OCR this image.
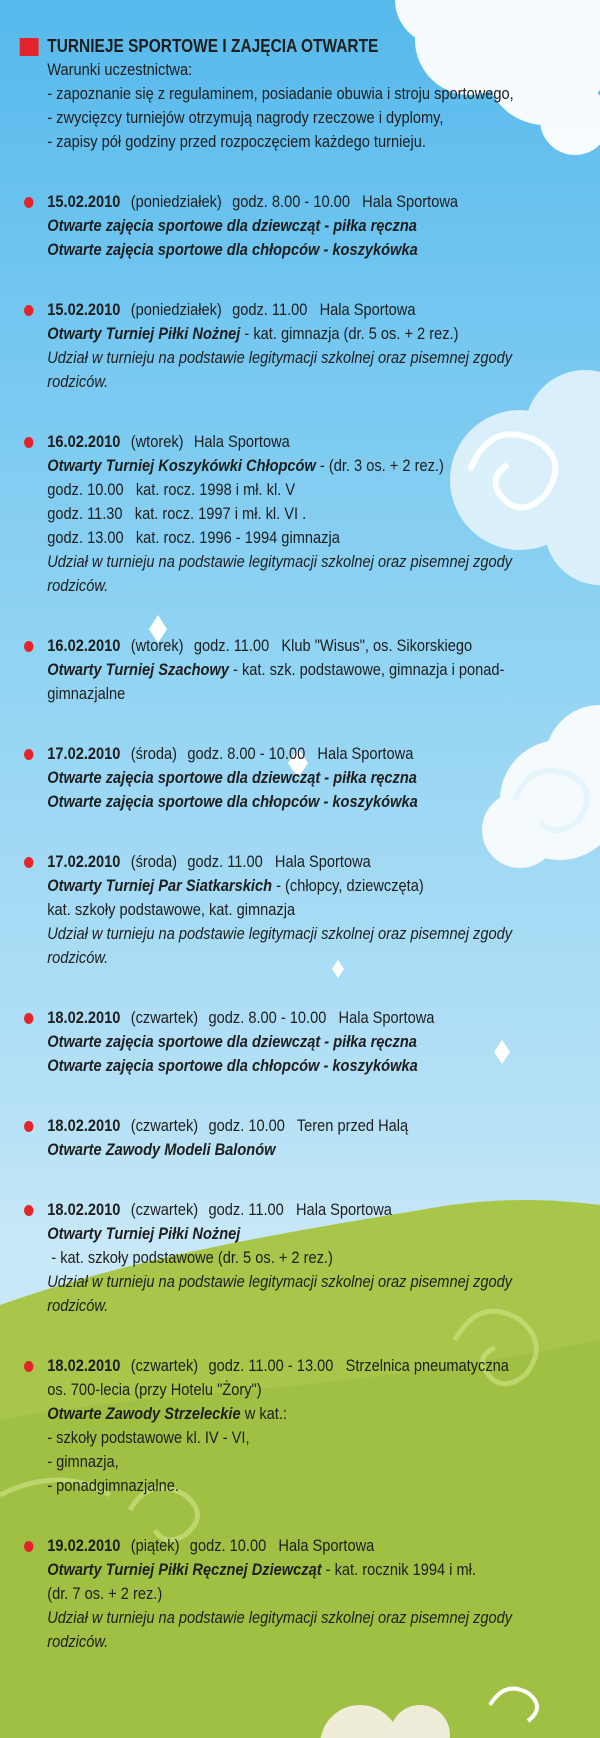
TURNIEJE SPORTOWE I ZAJĘCIA OTWARTE
Warunki uczestnictwa:
- zapoznanie się z regulaminem, posiadanie obuwia i stroju sportowego,
- zwycięzcy turniejów otrzymują nagrody rzeczowe i dyplomy,
- zapisy pół godziny przed rozpoczęciem każdego turnieju.
15.02.2010 (poniedziałek) godz. 8.00 - 10.00   Hala Sportowa
Otwarte zajęcia sportowe dla dziewcząt - piłka ręczna
Otwarte zajęcia sportowe dla chłopców - koszykówka
15.02.2010 (poniedziałek) godz. 11.00   Hala Sportowa
Otwarty Turniej Piłki Nożnej - kat. gimnazja (dr. 5 os. + 2 rez.)
Udział w turnieju na podstawie legitymacji szkolnej oraz pisemnej zgody
rodziców.
16.02.2010 (wtorek) Hala Sportowa
Otwarty Turniej Koszykówki Chłopców - (dr. 3 os. + 2 rez.)
godz. 10.00   kat. rocz. 1998 i mł. kl. V
godz. 11.30   kat. rocz. 1997 i mł. kl. VI .
godz. 13.00   kat. rocz. 1996 - 1994 gimnazja
Udział w turnieju na podstawie legitymacji szkolnej oraz pisemnej zgody
rodziców.
16.02.2010 (wtorek) godz. 11.00   Klub "Wisus", os. Sikorskiego
Otwarty Turniej Szachowy - kat. szk. podstawowe, gimnazja i ponad-
gimnazjalne
17.02.2010 (środa) godz. 8.00 - 10.00   Hala Sportowa
Otwarte zajęcia sportowe dla dziewcząt - piłka ręczna
Otwarte zajęcia sportowe dla chłopców - koszykówka
17.02.2010 (środa) godz. 11.00   Hala Sportowa
Otwarty Turniej Par Siatkarskich - (chłopcy, dziewczęta)
kat. szkoły podstawowe, kat. gimnazja
Udział w turnieju na podstawie legitymacji szkolnej oraz pisemnej zgody
rodziców.
18.02.2010 (czwartek) godz. 8.00 - 10.00   Hala Sportowa
Otwarte zajęcia sportowe dla dziewcząt - piłka ręczna
Otwarte zajęcia sportowe dla chłopców - koszykówka
18.02.2010 (czwartek) godz. 10.00   Teren przed Halą
Otwarte Zawody Modeli Balonów
18.02.2010 (czwartek) godz. 11.00   Hala Sportowa
Otwarty Turniej Piłki Nożnej - kat. szkoły podstawowe (dr. 5 os. + 2 rez.)
Udział w turnieju na podstawie legitymacji szkolnej oraz pisemnej zgody
rodziców.
18.02.2010 (czwartek) godz. 11.00 - 13.00   Strzelnica pneumatyczna
os. 700-lecia (przy Hotelu "Żory")
Otwarte Zawody Strzeleckie w kat.:
- szkoły podstawowe kl. IV - VI,
- gimnazja,
- ponadgimnazjalne.
19.02.2010 (piątek) godz. 10.00   Hala Sportowa
Otwarty Turniej Piłki Ręcznej Dziewcząt - kat. rocznik 1994 i mł.
(dr. 7 os. + 2 rez.)
Udział w turnieju na podstawie legitymacji szkolnej oraz pisemnej zgody
rodziców.
